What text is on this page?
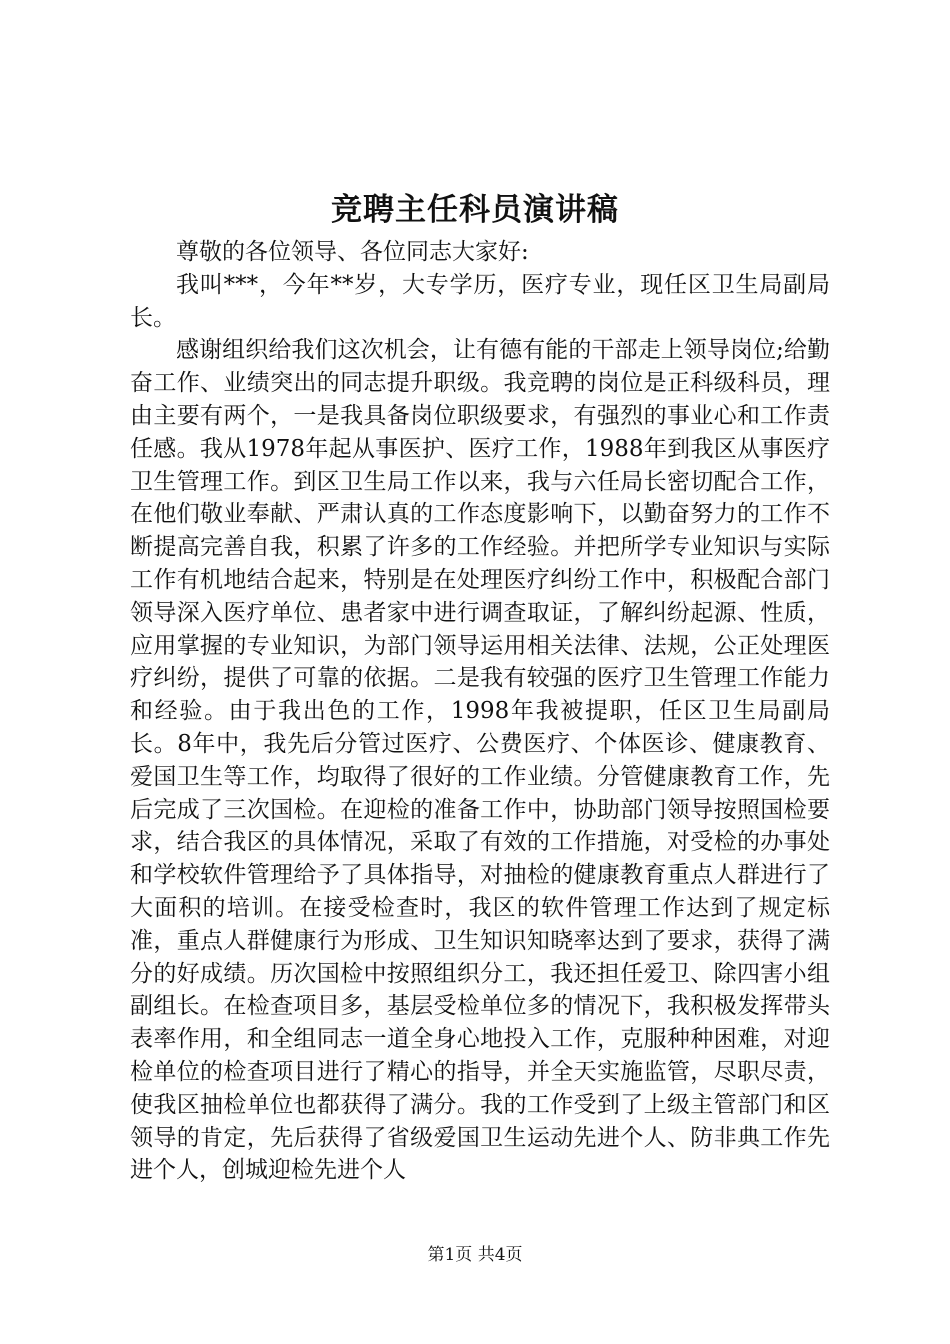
竞聘主任科员演讲稿

尊敬的各位领导、各位同志大家好:

我叫***，今年**岁，大专学历，医疗专业，现任区卫生局副局长。

感谢组织给我们这次机会，让有德有能的干部走上领导岗位;给勤奋工作、业绩突出的同志提升职级。我竞聘的岗位是正科级科员，理由主要有两个，一是我具备岗位职级要求，有强烈的事业心和工作责任感。我从1978年起从事医护、医疗工作，1988年到我区从事医疗卫生管理工作。到区卫生局工作以来，我与六任局长密切配合工作，在他们敬业奉献、严肃认真的工作态度影响下，以勤奋努力的工作不断提高完善自我，积累了许多的工作经验。并把所学专业知识与实际工作有机地结合起来，特别是在处理医疗纠纷工作中，积极配合部门领导深入医疗单位、患者家中进行调查取证，了解纠纷起源、性质，应用掌握的专业知识，为部门领导运用相关法律、法规，公正处理医疗纠纷，提供了可靠的依据。二是我有较强的医疗卫生管理工作能力和经验。由于我出色的工作，1998年我被提职，任区卫生局副局长。8年中，我先后分管过医疗、公费医疗、个体医诊、健康教育、爱国卫生等工作，均取得了很好的工作业绩。分管健康教育工作，先后完成了三次国检。在迎检的准备工作中，协助部门领导按照国检要求，结合我区的具体情况，采取了有效的工作措施，对受检的办事处和学校软件管理给予了具体指导，对抽检的健康教育重点人群进行了大面积的培训。在接受检查时，我区的软件管理工作达到了规定标准，重点人群健康行为形成、卫生知识知晓率达到了要求，获得了满分的好成绩。历次国检中按照组织分工，我还担任爱卫、除四害小组副组长。在检查项目多，基层受检单位多的情况下，我积极发挥带头表率作用，和全组同志一道全身心地投入工作，克服种种困难，对迎检单位的检查项目进行了精心的指导，并全天实施监管，尽职尽责，使我区抽检单位也都获得了满分。我的工作受到了上级主管部门和区领导的肯定，先后获得了省级爱国卫生运动先进个人、防非典工作先进个人，创城迎检先进个人

第1页 共4页
